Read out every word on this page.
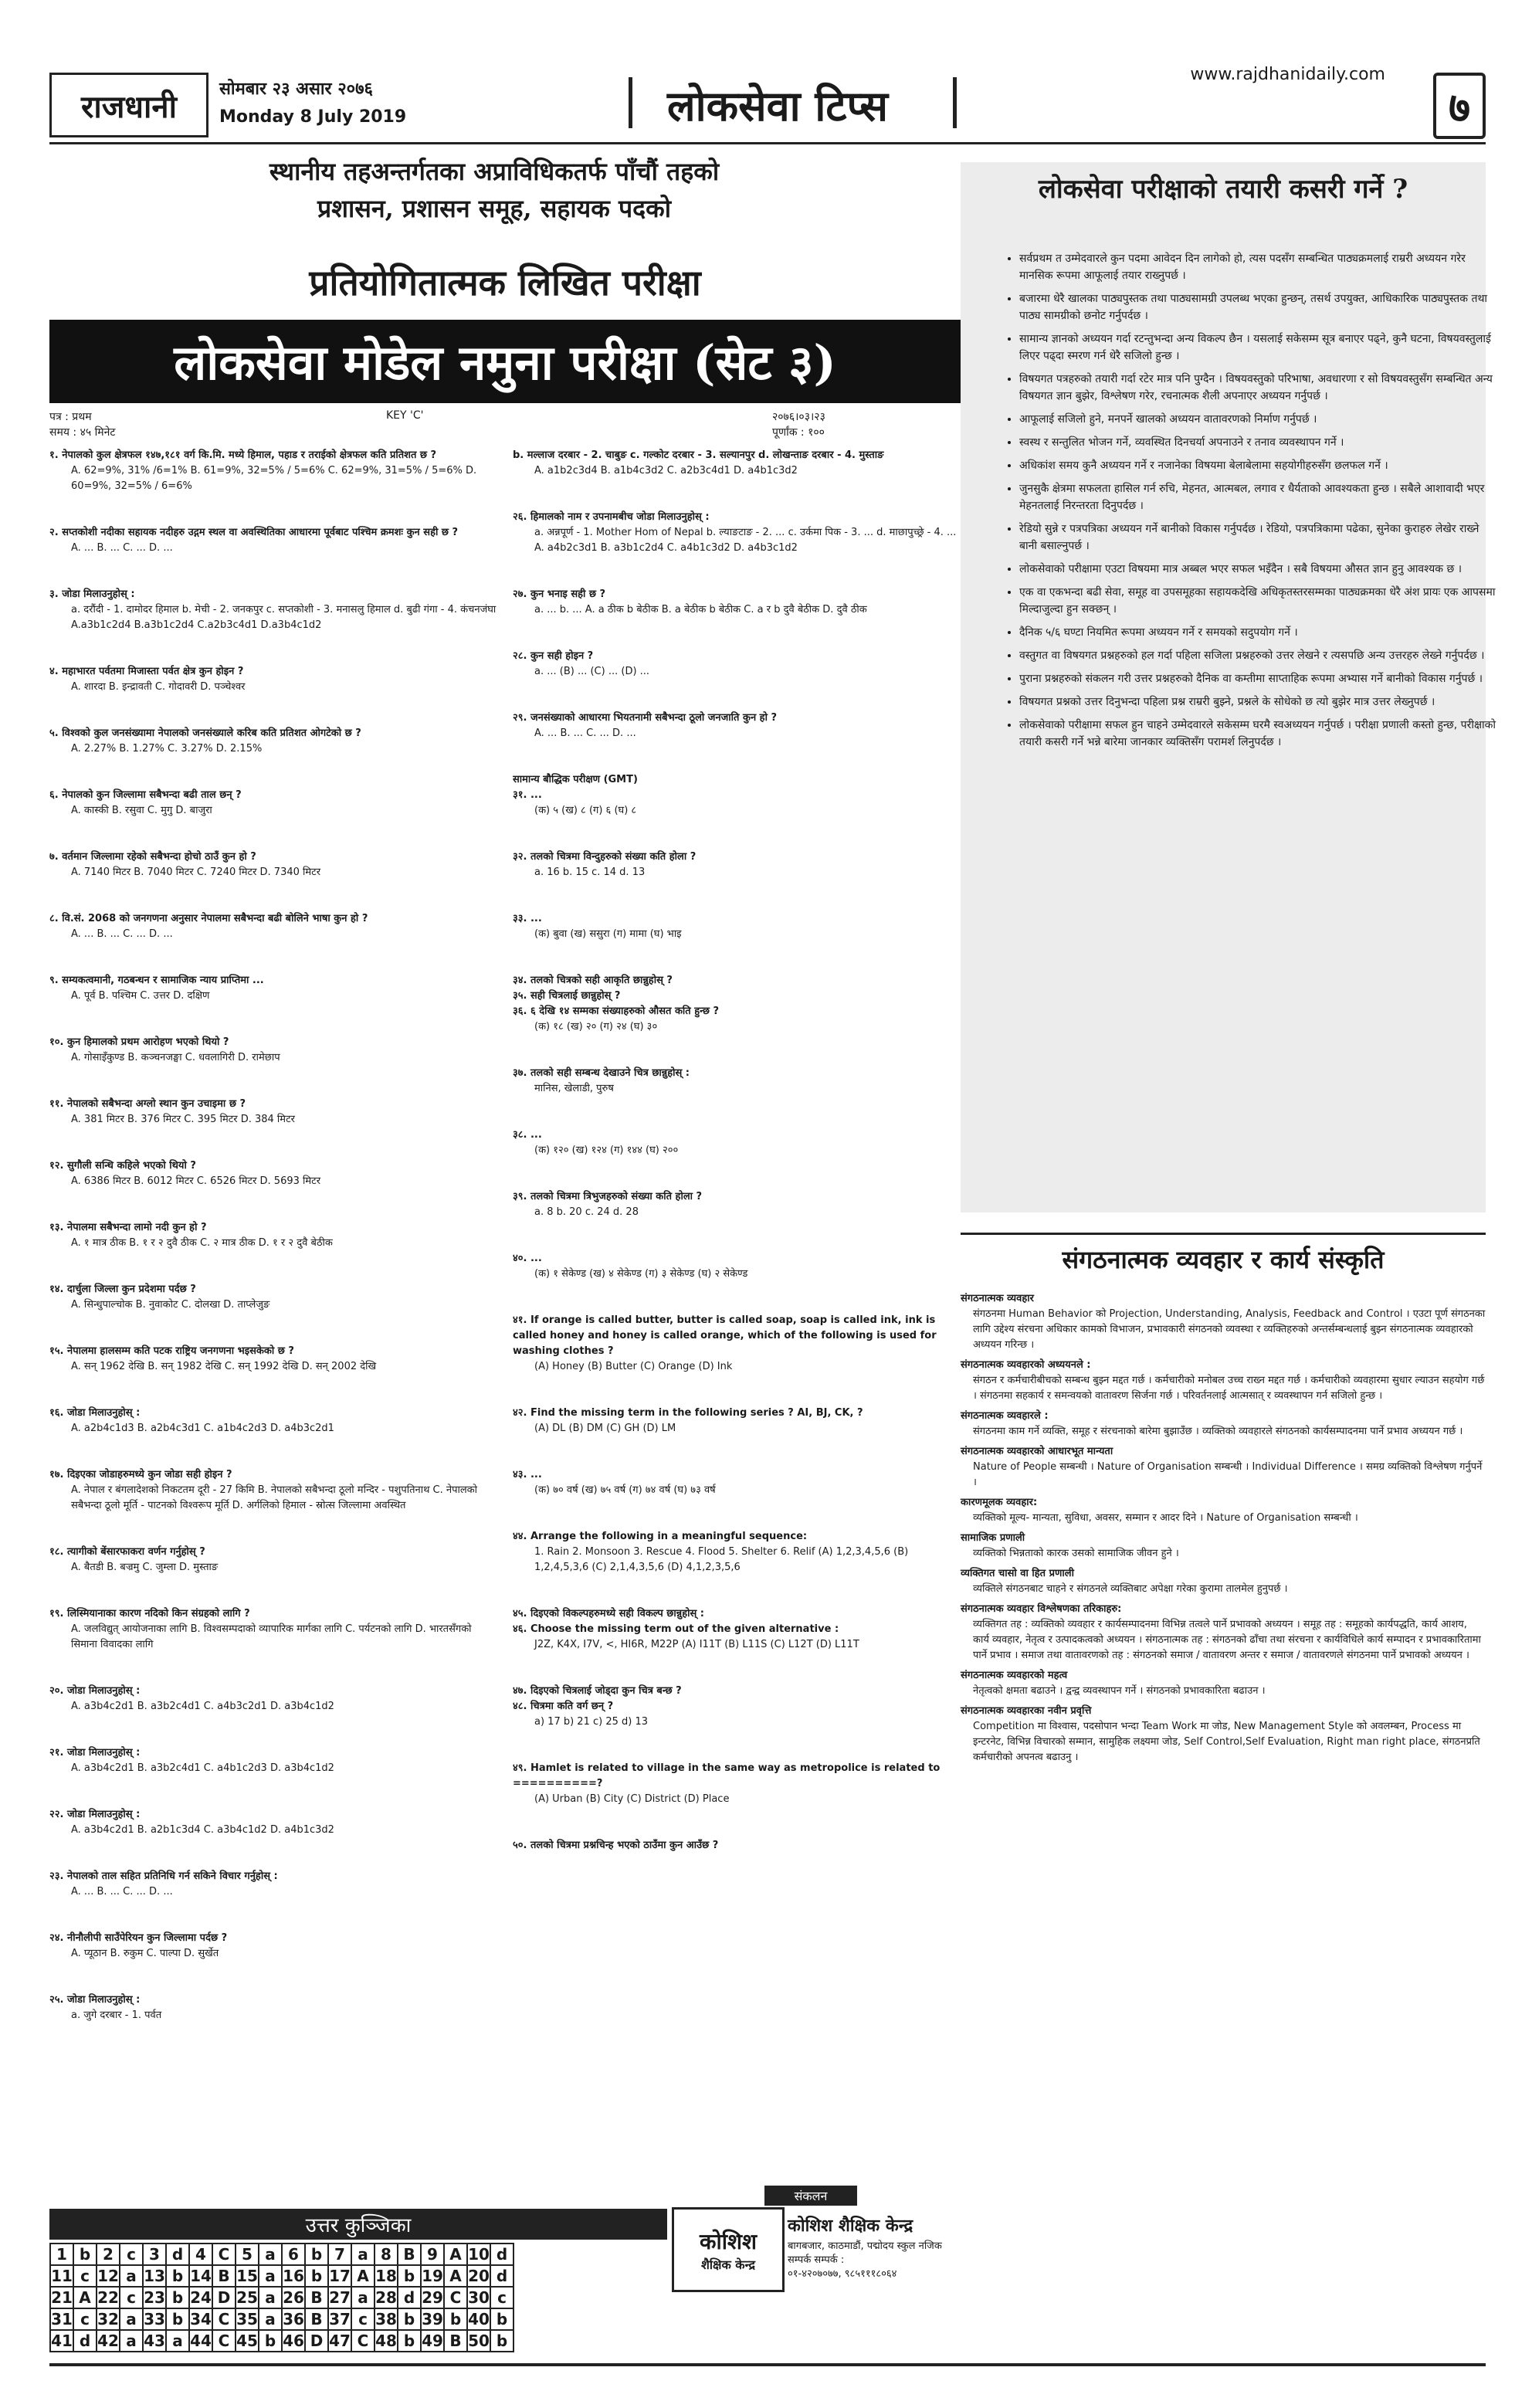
www.rajdhanidaily.com
राजधानी	सोमबार २३ असार २०७६
Monday 8 July 2019	लोकसेवा टिप्स	७
स्थानीय तहअन्तर्गतका अप्राविधिकतर्फ पाँचौं तहको
प्रशासन, प्रशासन समूह, सहायक पदको
प्रतियोगितात्मक लिखित परीक्षा
लोकसेवा मोडेल नमुना परीक्षा (सेट ३)
पत्र : प्रथम
समय : ४५ मिनेट
KEY 'C'	२०७६।०३।२३
पूर्णांक : १००

१. नेपालको कुल क्षेत्रफल १४७,१८१ वर्ग कि.मि. मध्ये हिमाल, पहाड र तराईको क्षेत्रफल कति प्रतिशत छ ?

A. 62=9%, 31% /6=1% B. 61=9%, 32=5% / 5=6% C. 62=9%, 31=5% / 5=6% D. 60=9%, 32=5% / 6=6%

२. सप्तकोशी नदीका सहायक नदीहरु उद्गम स्थल वा अवस्थितिका आधारमा पूर्वबाट पश्चिम क्रमशः कुन सही छ ?

A. ... B. ... C. ... D. ...

३. जोडा मिलाउनुहोस् :

a. दरौंदी - 1. दामोदर हिमाल b. मेची - 2. जनकपुर c. सप्तकोशी - 3. मनासलु हिमाल d. बुढी गंगा - 4. कंचनजंघा A.a3b1c2d4 B.a3b1c2d4 C.a2b3c4d1 D.a3b4c1d2

४. महाभारत पर्वतमा मिजास्ता पर्वत क्षेत्र कुन होइन ?

A. शारदा B. इन्द्रावती C. गोदावरी D. पञ्चेश्वर

५. विश्वको कुल जनसंख्यामा नेपालको जनसंख्याले करिब कति प्रतिशत ओगटेको छ ?

A. 2.27% B. 1.27% C. 3.27% D. 2.15%

६. नेपालको कुन जिल्लामा सबैभन्दा बढी ताल छन् ?

A. कास्की B. रसुवा C. मुगु D. बाजुरा

७. वर्तमान जिल्लामा रहेको सबैभन्दा होचो ठाउँ कुन हो ?

A. 7140 मिटर B. 7040 मिटर C. 7240 मिटर D. 7340 मिटर

८. वि.सं. 2068 को जनगणना अनुसार नेपालमा सबैभन्दा बढी बोलिने भाषा कुन हो ?

A. ... B. ... C. ... D. ...

९. सम्यकत्वमानी, गठबन्धन र सामाजिक न्याय प्राप्तिमा ...

A. पूर्व B. पश्चिम C. उत्तर D. दक्षिण

१०. कुन हिमालको प्रथम आरोहण भएको थियो ?

A. गोसाइँकुण्ड B. कञ्चनजङ्घा C. धवलागिरी D. रामेछाप

११. नेपालको सबैभन्दा अग्लो स्थान कुन उचाइमा छ ?

A. 381 मिटर B. 376 मिटर C. 395 मिटर D. 384 मिटर

१२. सुगौली सन्धि कहिले भएको थियो ?

A. 6386 मिटर B. 6012 मिटर C. 6526 मिटर D. 5693 मिटर

१३. नेपालमा सबैभन्दा लामो नदी कुन हो ?

A. १ मात्र ठीक B. १ र २ दुवै ठीक C. २ मात्र ठीक D. १ र २ दुवै बेठीक

१४. दार्चुला जिल्ला कुन प्रदेशमा पर्दछ ?

A. सिन्धुपाल्चोक B. नुवाकोट C. दोलखा D. ताप्लेजुङ

१५. नेपालमा हालसम्म कति पटक राष्ट्रिय जनगणना भइसकेको छ ?

A. सन् 1962 देखि B. सन् 1982 देखि C. सन् 1992 देखि D. सन् 2002 देखि

१६. जोडा मिलाउनुहोस् :

A. a2b4c1d3 B. a2b4c3d1 C. a1b4c2d3 D. a4b3c2d1

१७. दिइएका जोडाहरुमध्ये कुन जोडा सही होइन ?

A. नेपाल र बंगलादेशको निकटतम दूरी - 27 किमि B. नेपालको सबैभन्दा ठूलो मन्दिर - पशुपतिनाथ C. नेपालको सबैभन्दा ठूलो मूर्ति - पाटनको विश्वरूप मूर्ति D. अर्गलिको हिमाल - स्रोत्स जिल्लामा अवस्थित

१८. त्यागीको बेंसारफाकरा वर्णन गर्नुहोस् ?

A. बैतडी B. बज्रमु C. जुम्ला D. मुस्ताङ

१९. लिस्मियानाका कारण नदिको किन संग्रहको लागि ?

A. जलविद्युत् आयोजनाका लागि B. विश्वसम्पदाको व्यापारिक मार्गका लागि C. पर्यटनको लागि D. भारतसँगको सिमाना विवादका लागि

२०. जोडा मिलाउनुहोस् :

A. a3b4c2d1 B. a3b2c4d1 C. a4b3c2d1 D. a3b4c1d2

२१. जोडा मिलाउनुहोस् :

A. a3b4c2d1 B. a3b2c4d1 C. a4b1c2d3 D. a3b4c1d2

२२. जोडा मिलाउनुहोस् :

A. a3b4c2d1 B. a2b1c3d4 C. a3b4c1d2 D. a4b1c3d2

२३. नेपालको ताल सहित प्रतिनिधि गर्न सकिने विचार गर्नुहोस् :

A. ... B. ... C. ... D. ...

२४. नीनौलीपी साउँपेरियन कुन जिल्लामा पर्दछ ?

A. प्यूठान B. रुकुम C. पाल्पा D. सुर्खेत

२५. जोडा मिलाउनुहोस् :

a. जुगे दरबार - 1. पर्वत

b. मल्लाज दरबार - 2. चाबुङ c. गल्कोट दरबार - 3. सल्यानपुर d. लोखन्ताङ दरबार - 4. मुस्ताङ

A. a1b2c3d4 B. a1b4c3d2 C. a2b3c4d1 D. a4b1c3d2

२६. हिमालको नाम र उपनामबीच जोडा मिलाउनुहोस् :

a. अन्नपूर्ण - 1. Mother Hom of Nepal b. ल्याङटाङ - 2. ... c. उर्कमा पिक - 3. ... d. माछापुच्छ्रे - 4. ... A. a4b2c3d1 B. a3b1c2d4 C. a4b1c3d2 D. a4b3c1d2

२७. कुन भनाइ सही छ ?

a. ... b. ... A. a ठीक b बेठीक B. a बेठीक b बेठीक C. a र b दुवै बेठीक D. दुवै ठीक

२८. कुन सही होइन ?

a. ... (B) ... (C) ... (D) ...

२९. जनसंख्याको आधारमा भियतनामी सबैभन्दा ठूलो जनजाति कुन हो ?

A. ... B. ... C. ... D. ...

सामान्य बौद्धिक परीक्षण (GMT)

३१. ...

(क) ५ (ख) ८ (ग) ६ (घ) ८

३२. तलको चित्रमा विन्दुहरुको संख्या कति होला ?

a. 16 b. 15 c. 14 d. 13

३३. ...

(क) बुवा (ख) ससुरा (ग) मामा (घ) भाइ

३४. तलको चित्रको सही आकृति छान्नुहोस् ?

३५. सही चित्रलाई छान्नुहोस् ?

३६. ६ देखि १४ सम्मका संख्याहरुको औसत कति हुन्छ ?

(क) १८ (ख) २० (ग) २४ (घ) ३०

३७. तलको सही सम्बन्ध देखाउने चित्र छान्नुहोस् :

मानिस, खेलाडी, पुरुष

३८. ...

(क) १२० (ख) १२४ (ग) १४४ (घ) २००

३९. तलको चित्रमा त्रिभुजहरुको संख्या कति होला ?

a. 8 b. 20 c. 24 d. 28

४०. ...

(क) १ सेकेण्ड (ख) ४ सेकेण्ड (ग) ३ सेकेण्ड (घ) २ सेकेण्ड

४१. If orange is called butter, butter is called soap, soap is called ink, ink is called honey and honey is called orange, which of the following is used for washing clothes ?

(A) Honey (B) Butter (C) Orange (D) Ink

४२. Find the missing term in the following series ? AI, BJ, CK, ?

(A) DL (B) DM (C) GH (D) LM

४३. ...

(क) ७० वर्ष (ख) ७५ वर्ष (ग) ७४ वर्ष (घ) ७३ वर्ष

४४. Arrange the following in a meaningful sequence:

1. Rain 2. Monsoon 3. Rescue 4. Flood 5. Shelter 6. Relif (A) 1,2,3,4,5,6 (B) 1,2,4,5,3,6 (C) 2,1,4,3,5,6 (D) 4,1,2,3,5,6

४५. दिइएको विकल्पहरुमध्ये सही विकल्प छान्नुहोस् :

४६. Choose the missing term out of the given alternative :

J2Z, K4X, I7V, <, HI6R, M22P (A) I11T (B) L11S (C) L12T (D) L11T

४७. दिइएको चित्रलाई जोड्दा कुन चित्र बन्छ ?

४८. चित्रमा कति वर्ग छन् ?

a) 17 b) 21 c) 25 d) 13

४९. Hamlet is related to village in the same way as metropolice is related to ==========?

(A) Urban (B) City (C) District (D) Place

५०. तलको चित्रमा प्रश्नचिन्ह भएको ठाउँमा कुन आउँछ ?

लोकसेवा परीक्षाको तयारी कसरी गर्ने ?
• सर्वप्रथम त उम्मेदवारले कुन पदमा आवेदन दिन लागेको हो, त्यस पदसँग सम्बन्धित पाठ्यक्रमलाई राम्ररी अध्ययन गरेर मानसिक रूपमा आफूलाई तयार राख्नुपर्छ ।
• बजारमा धेरै खालका पाठ्यपुस्तक तथा पाठ्यसामग्री उपलब्ध भएका हुन्छन्, तसर्थ उपयुक्त, आधिकारिक पाठ्यपुस्तक तथा पाठ्य सामग्रीको छनोट गर्नुपर्दछ ।
• सामान्य ज्ञानको अध्ययन गर्दा रटन्तुभन्दा अन्य विकल्प छैन । यसलाई सकेसम्म सूत्र बनाएर पढ्ने, कुनै घटना, विषयवस्तुलाई लिएर पढ्दा स्मरण गर्न धेरै सजिलो हुन्छ ।
• विषयगत पत्रहरुको तयारी गर्दा रटेर मात्र पनि पुग्दैन । विषयवस्तुको परिभाषा, अवधारणा र सो विषयवस्तुसँग सम्बन्धित अन्य विषयगत ज्ञान बुझेर, विश्लेषण गरेर, रचनात्मक शैली अपनाएर अध्ययन गर्नुपर्छ ।
• आफूलाई सजिलो हुने, मनपर्ने खालको अध्ययन वातावरणको निर्माण गर्नुपर्छ ।
• स्वस्थ र सन्तुलित भोजन गर्ने, व्यवस्थित दिनचर्या अपनाउने र तनाव व्यवस्थापन गर्ने ।
• अधिकांश समय कुनै अध्ययन गर्ने र नजानेका विषयमा बेलाबेलामा सहयोगीहरुसँग छलफल गर्ने ।
• जुनसुकै क्षेत्रमा सफलता हासिल गर्न रुचि, मेहनत, आत्मबल, लगाव र धैर्यताको आवश्यकता हुन्छ । सबैले आशावादी भएर मेहनतलाई निरन्तरता दिनुपर्दछ ।
• रेडियो सुन्ने र पत्रपत्रिका अध्ययन गर्ने बानीको विकास गर्नुपर्दछ । रेडियो, पत्रपत्रिकामा पढेका, सुनेका कुराहरु लेखेर राख्ने बानी बसाल्नुपर्छ ।
• लोकसेवाको परीक्षामा एउटा विषयमा मात्र अब्बल भएर सफल भइँदैन । सबै विषयमा औसत ज्ञान हुनु आवश्यक छ ।
• एक वा एकभन्दा बढी सेवा, समूह वा उपसमूहका सहायकदेखि अधिकृतस्तरसम्मका पाठ्यक्रमका धेरै अंश प्रायः एक आपसमा मिल्दाजुल्दा हुन सक्छन् ।
• दैनिक ५/६ घण्टा नियमित रूपमा अध्ययन गर्ने र समयको सदुपयोग गर्ने ।
• वस्तुगत वा विषयगत प्रश्नहरुको हल गर्दा पहिला सजिला प्रश्नहरुको उत्तर लेखने र त्यसपछि अन्य उत्तरहरु लेख्ने गर्नुपर्दछ ।
• पुराना प्रश्नहरुको संकलन गरी उत्तर प्रश्नहरुको दैनिक वा कम्तीमा साप्ताहिक रूपमा अभ्यास गर्ने बानीको विकास गर्नुपर्छ ।
• विषयगत प्रश्नको उत्तर दिनुभन्दा पहिला प्रश्न राम्ररी बुझ्ने, प्रश्नले के सोधेको छ त्यो बुझेर मात्र उत्तर लेख्नुपर्छ ।
• लोकसेवाको परीक्षामा सफल हुन चाहने उम्मेदवारले सकेसम्म घरमै स्वअध्ययन गर्नुपर्छ । परीक्षा प्रणाली कस्तो हुन्छ, परीक्षाको तयारी कसरी गर्ने भन्ने बारेमा जानकार व्यक्तिसँग परामर्श लिनुपर्दछ ।
संगठनात्मक व्यवहार र कार्य संस्कृति
संगठनात्मक व्यवहार
संगठनमा Human Behavior को Projection, Understanding, Analysis, Feedback and Control । एउटा पूर्ण संगठनका लागि उद्देश्य संरचना अधिकार कामको विभाजन, प्रभावकारी संगठनको व्यवस्था र व्यक्तिहरुको अन्तर्सम्बन्धलाई बुझ्न संगठनात्मक व्यवहारको अध्ययन गरिन्छ ।
संगठनात्मक व्यवहारको अध्ययनले :
संगठन र कर्मचारीबीचको सम्बन्ध बुझ्न मद्दत गर्छ । कर्मचारीको मनोबल उच्च राख्न मद्दत गर्छ । कर्मचारीको व्यवहारमा सुधार ल्याउन सहयोग गर्छ । संगठनमा सहकार्य र समन्वयको वातावरण सिर्जना गर्छ । परिवर्तनलाई आत्मसात् र व्यवस्थापन गर्न सजिलो हुन्छ ।
संगठनात्मक व्यवहारले :
संगठनमा काम गर्ने व्यक्ति, समूह र संरचनाको बारेमा बुझाउँछ । व्यक्तिको व्यवहारले संगठनको कार्यसम्पादनमा पार्ने प्रभाव अध्ययन गर्छ ।
संगठनात्मक व्यवहारको आधारभूत मान्यता
Nature of People सम्बन्धी । Nature of Organisation सम्बन्धी । Individual Difference । समग्र व्यक्तिको विश्लेषण गर्नुपर्ने ।
कारणमूलक व्यवहार:
व्यक्तिको मूल्य- मान्यता, सुविधा, अवसर, सम्मान र आदर दिने । Nature of Organisation सम्बन्धी ।
सामाजिक प्रणाली
व्यक्तिको भिन्नताको कारक उसको सामाजिक जीवन हुने ।
व्यक्तिगत चासो वा हित प्रणाली
व्यक्तिले संगठनबाट चाहने र संगठनले व्यक्तिबाट अपेक्षा गरेका कुरामा तालमेल हुनुपर्छ ।
संगठनात्मक व्यवहार विश्लेषणका तरिकाहरु:
व्यक्तिगत तह : व्यक्तिको व्यवहार र कार्यसम्पादनमा विभिन्न तत्वले पार्ने प्रभावको अध्ययन । समूह तह : समूहको कार्यपद्धति, कार्य आशय, कार्य व्यवहार, नेतृत्व र उत्पादकत्वको अध्ययन । संगठनात्मक तह : संगठनको ढाँचा तथा संरचना र कार्यविधिले कार्य सम्पादन र प्रभावकारितामा पार्ने प्रभाव । समाज तथा वातावरणको तह : संगठनको समाज / वातावरण अन्तर र समाज / वातावरणले संगठनमा पार्ने प्रभावको अध्ययन ।
संगठनात्मक व्यवहारको महत्व
नेतृत्वको क्षमता बढाउने । द्वन्द्व व्यवस्थापन गर्ने । संगठनको प्रभावकारिता बढाउन ।
संगठनात्मक व्यवहारका नवीन प्रवृत्ति
Competition मा विश्वास, पदसोपान भन्दा Team Work मा जोड, New Management Style को अवलम्बन, Process मा इन्टरनेट, विभिन्न विचारको सम्मान, सामुहिक लक्ष्यमा जोड, Self Control,Self Evaluation, Right man right place, संगठनप्रति कर्मचारीको अपनत्व बढाउनु ।
उत्तर कुञ्जिका
1	b	2	c	3	d	4	C	5	a	6	b	7	a	8	B	9	A	10	d
11	c	12	a	13	b	14	B	15	a	16	b	17	A	18	b	19	A	20	d
21	A	22	c	23	b	24	D	25	a	26	B	27	a	28	d	29	C	30	c
31	c	32	a	33	b	34	C	35	a	36	B	37	c	38	b	39	b	40	b
41	d	42	a	43	a	44	C	45	b	46	D	47	C	48	b	49	B	50	b
संकलन
कोशिश
शैक्षिक केन्द्र
कोशिश शैक्षिक केन्द्र
बागबजार, काठमाडौं, पद्मोदय स्कुल नजिक
सम्पर्क सम्पर्क :
०१-४२०७०७७, ९८५१११८०६४
